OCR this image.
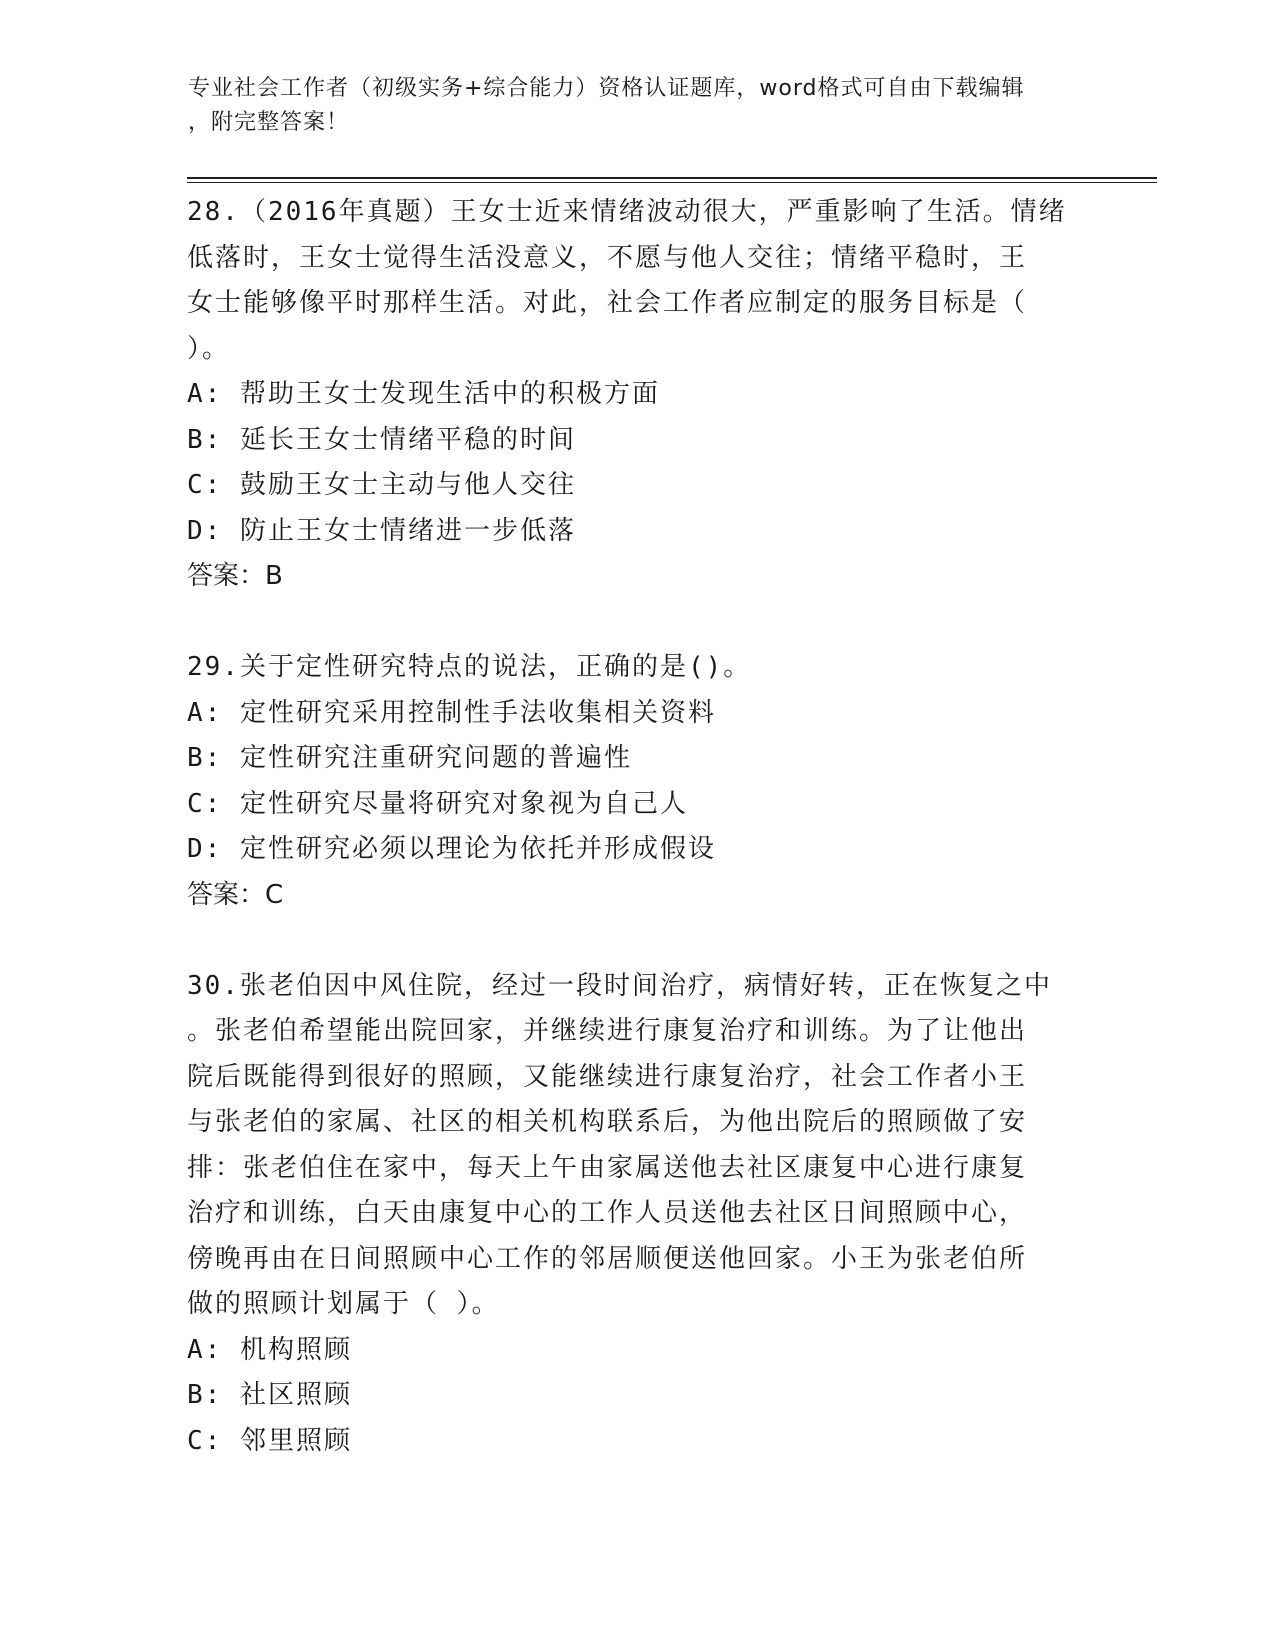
专业社会工作者（初级实务+综合能力）资格认证题库，word格式可自由下载编辑
，附完整答案！

28.（2016年真题）王女士近来情绪波动很大，严重影响了生活。情绪
低落时，王女士觉得生活没意义，不愿与他人交往；情绪平稳时，王
女士能够像平时那样生活。对此，社会工作者应制定的服务目标是（
）。

A: 帮助王女士发现生活中的积极方面

B: 延长王女士情绪平稳的时间

C: 鼓励王女士主动与他人交往

D: 防止王女士情绪进一步低落

答案：B

29.关于定性研究特点的说法，正确的是()。

A: 定性研究采用控制性手法收集相关资料

B: 定性研究注重研究问题的普遍性

C: 定性研究尽量将研究对象视为自己人

D: 定性研究必须以理论为依托并形成假设

答案：C

30.张老伯因中风住院，经过一段时间治疗，病情好转，正在恢复之中
。张老伯希望能出院回家，并继续进行康复治疗和训练。为了让他出
院后既能得到很好的照顾，又能继续进行康复治疗，社会工作者小王
与张老伯的家属、社区的相关机构联系后，为他出院后的照顾做了安
排：张老伯住在家中，每天上午由家属送他去社区康复中心进行康复
治疗和训练，白天由康复中心的工作人员送他去社区日间照顾中心，
傍晚再由在日间照顾中心工作的邻居顺便送他回家。小王为张老伯所
做的照顾计划属于（ ）。

A: 机构照顾

B: 社区照顾

C: 邻里照顾
